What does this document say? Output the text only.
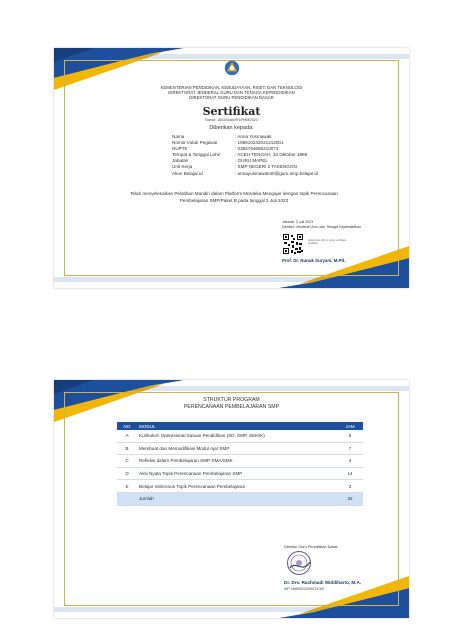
KEMENTERIAN PENDIDIKAN, KEBUDAYAAN, RISET, DAN TEKNOLOGI
DIREKTORAT JENDERAL GURU DAN TENAGA KEPENDIDIKAN
DIREKTORAT GURU PENDIDIKAN DASAR
Sertifikat
Nomor: 1803/Gpdkr/R1/PMM/2023
Diberikan kepada:
Nama	: Anna Yusmawati
Nomor Induk Pegawai	: 198610242021212001
NUPTK	: 0356764665210073
Tempat & Tanggal Lahir	: ACEH TENGAH, 24 Oktober 1986
Jabatan	: GURU MAPEL
Unit Kerja	: SMP NEGERI 2 TAKENGON
Akun Belajar.id	: annayusmawati40@guru.smp.belajar.id
Telah menyelesaikan Pelatihan Mandiri dalam Platform Merdeka Mengajar dengan topik Perencanaan
Pembelajaran SMP/Paket B pada tanggal 3 Juli 2023
Jakarta, 3 Juli 2023
Direktur Jenderal Guru dan Tenaga Kependidikan
Scan kode QR ini untuk verifikasi sertifikat
Prof. Dr. Nunuk Suryani, M.Pd.
STRUKTUR PROGRAM
PERENCANAAN PEMBELAJARAN SMP
NO	MODUL	JAM
A	Kurikulum Operasional Satuan Pendidikan (SD, SMP, SMA/K)	5
B	Membuat dan Memodifikasi Modul Ajar SMP	7
C	Refleksi dalam Pembelajaran SMP-SMA/SMK	4
D	Aksi Nyata Topik Perencanaan Pembelajaran SMP	14
E	Belajar Sinkronus Topik Perencanaan Pembelajaran	2
	Jumlah	32
Direktur Guru Pendidikan Dasar
Dr. Drs. Rachmadi Widdiharto, M.A.
NIP 196805211995121002
